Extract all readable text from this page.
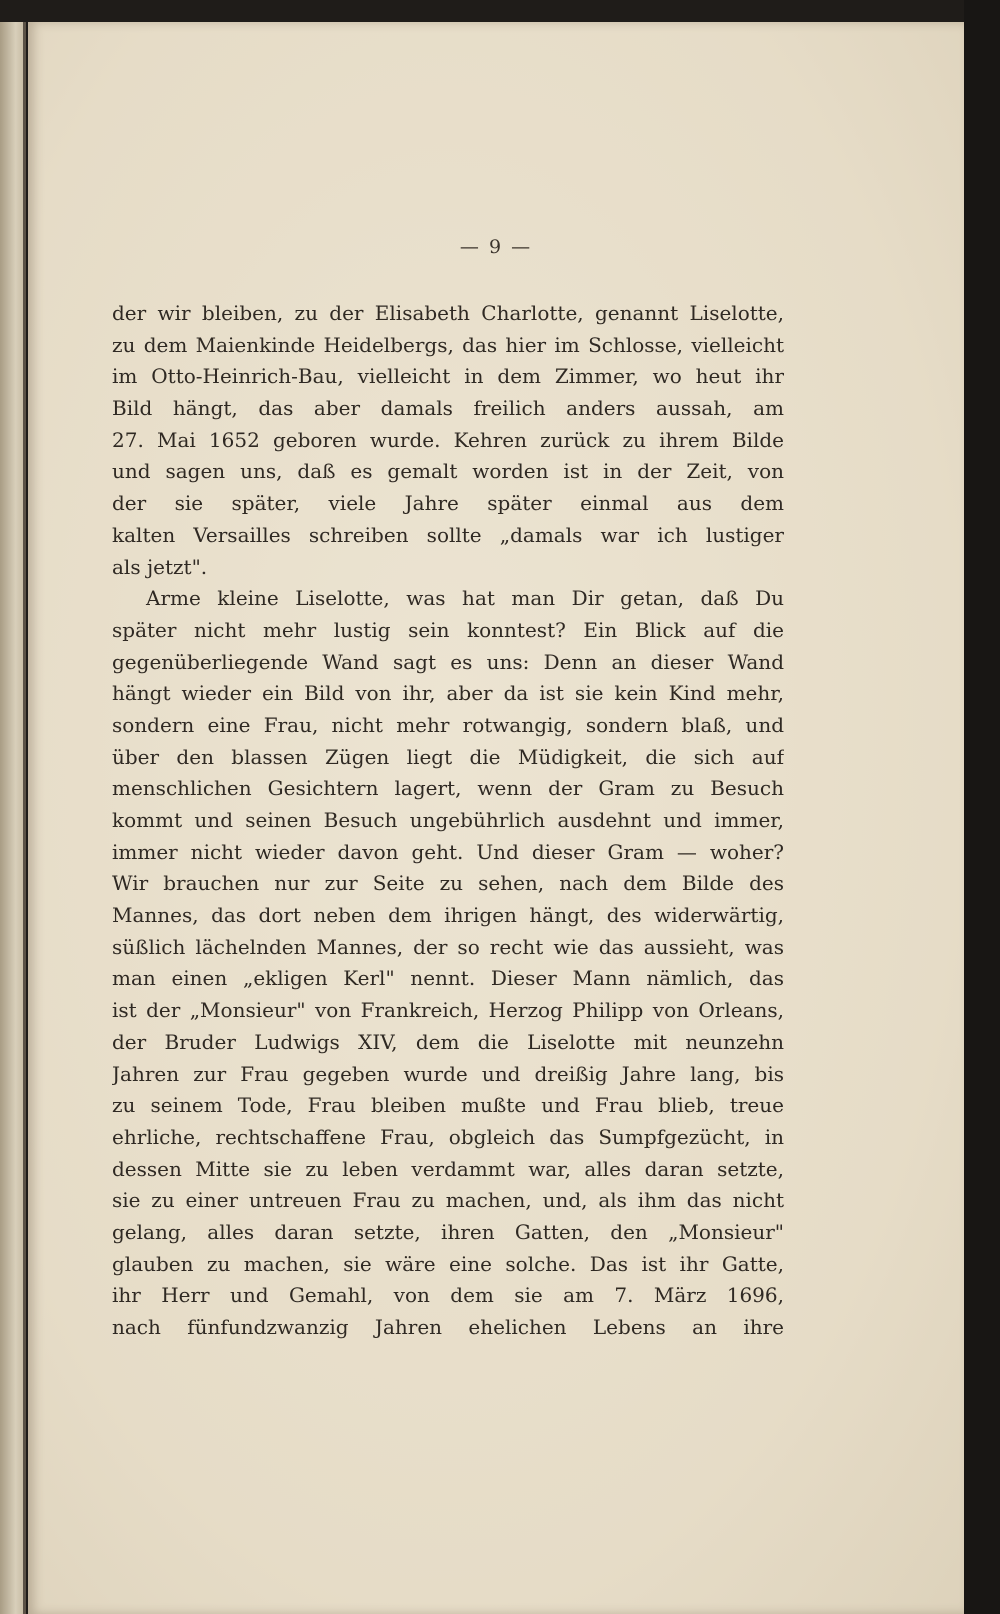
— 9 —
der wir bleiben, zu der Elisabeth Charlotte, genannt Liselotte,
zu dem Maienkinde Heidelbergs, das hier im Schlosse, vielleicht
im Otto-Heinrich-Bau, vielleicht in dem Zimmer, wo heut ihr
Bild hängt, das aber damals freilich anders aussah, am
27. Mai 1652 geboren wurde. Kehren zurück zu ihrem Bilde
und sagen uns, daß es gemalt worden ist in der Zeit, von
der sie später, viele Jahre später einmal aus dem
kalten Versailles schreiben sollte „damals war ich lustiger
als jetzt".
Arme kleine Liselotte, was hat man Dir getan, daß Du
später nicht mehr lustig sein konntest? Ein Blick auf die
gegenüberliegende Wand sagt es uns: Denn an dieser Wand
hängt wieder ein Bild von ihr, aber da ist sie kein Kind mehr,
sondern eine Frau, nicht mehr rotwangig, sondern blaß, und
über den blassen Zügen liegt die Müdigkeit, die sich auf
menschlichen Gesichtern lagert, wenn der Gram zu Besuch
kommt und seinen Besuch ungebührlich ausdehnt und immer,
immer nicht wieder davon geht. Und dieser Gram — woher?
Wir brauchen nur zur Seite zu sehen, nach dem Bilde des
Mannes, das dort neben dem ihrigen hängt, des widerwärtig,
süßlich lächelnden Mannes, der so recht wie das aussieht, was
man einen „ekligen Kerl" nennt. Dieser Mann nämlich, das
ist der „Monsieur" von Frankreich, Herzog Philipp von Orleans,
der Bruder Ludwigs XIV, dem die Liselotte mit neunzehn
Jahren zur Frau gegeben wurde und dreißig Jahre lang, bis
zu seinem Tode, Frau bleiben mußte und Frau blieb, treue
ehrliche, rechtschaffene Frau, obgleich das Sumpfgezücht, in
dessen Mitte sie zu leben verdammt war, alles daran setzte,
sie zu einer untreuen Frau zu machen, und, als ihm das nicht
gelang, alles daran setzte, ihren Gatten, den „Monsieur"
glauben zu machen, sie wäre eine solche. Das ist ihr Gatte,
ihr Herr und Gemahl, von dem sie am 7. März 1696,
nach fünfundzwanzig Jahren ehelichen Lebens an ihre
